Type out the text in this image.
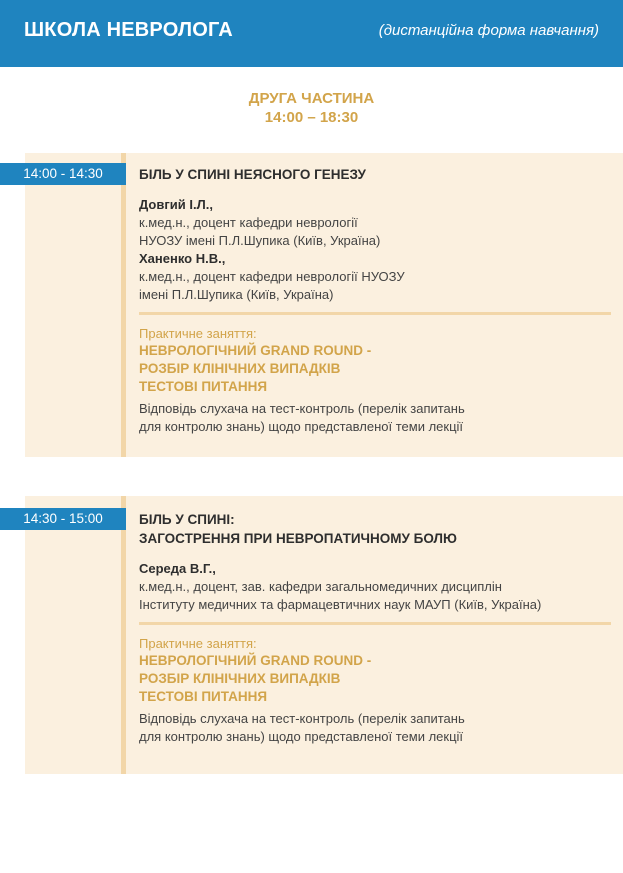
ШКОЛА НЕВРОЛОГА	(дистанційна форма навчання)
ДРУГА ЧАСТИНА
14:00 – 18:30
БІЛЬ У СПИНІ НЕЯСНОГО ГЕНЕЗУ
Довгий І.Л.,
к.мед.н., доцент кафедри неврології
НУОЗУ імені П.Л.Шупика (Київ, Україна)
Ханенко Н.В.,
к.мед.н., доцент кафедри неврології НУОЗУ
імені П.Л.Шупика (Київ, Україна)
Практичне заняття:
НЕВРОЛОГІЧНИЙ GRAND ROUND -
РОЗБІР КЛІНІЧНИХ ВИПАДКІВ
ТЕСТОВІ ПИТАННЯ
Відповідь слухача на тест-контроль (перелік запитань
для контролю знань) щодо представленої теми лекції
14:00 - 14:30
БІЛЬ У СПИНІ:
ЗАГОСТРЕННЯ ПРИ НЕВРОПАТИЧНОМУ БОЛЮ
Середа В.Г.,
к.мед.н., доцент, зав. кафедри загальномедичних дисциплін
Інституту медичних та фармацевтичних наук МАУП (Київ, Україна)
Практичне заняття:
НЕВРОЛОГІЧНИЙ GRAND ROUND -
РОЗБІР КЛІНІЧНИХ ВИПАДКІВ
ТЕСТОВІ ПИТАННЯ
Відповідь слухача на тест-контроль (перелік запитань
для контролю знань) щодо представленої теми лекції
14:30 - 15:00
